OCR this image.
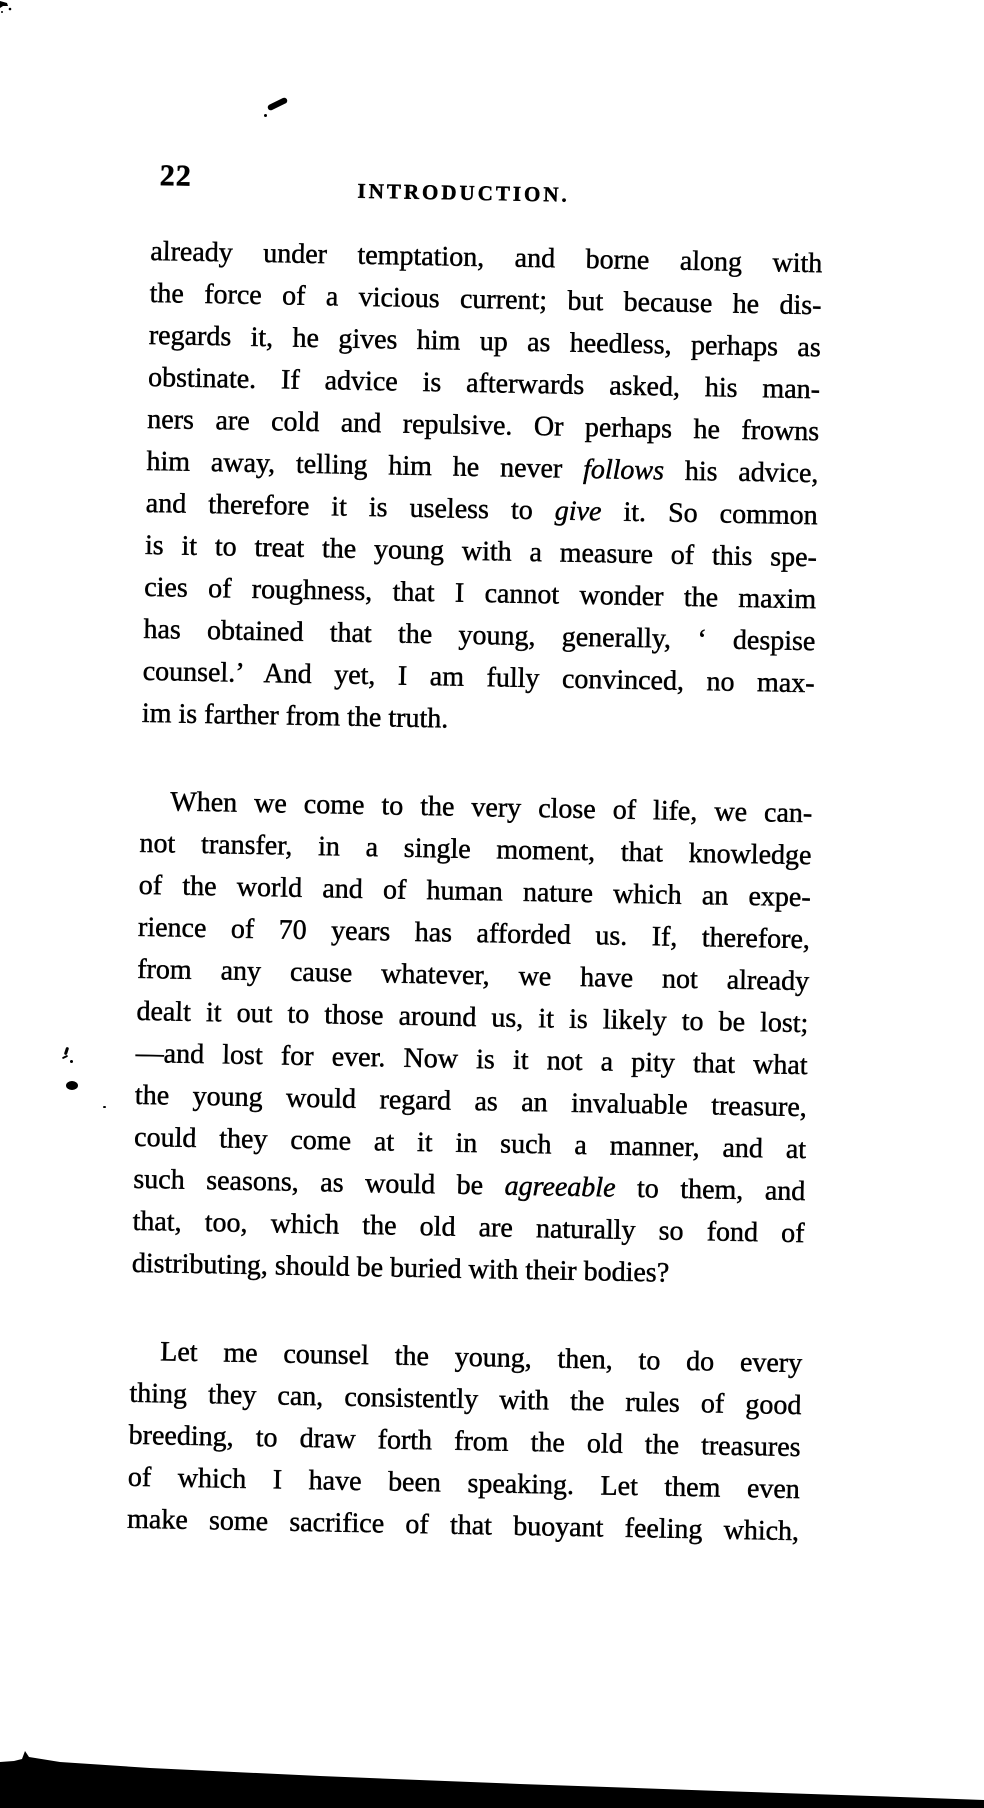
22	INTRODUCTION.
already under temptation, and borne along with
the force of a vicious current; but because he dis-
regards it, he gives him up as heedless, perhaps as
obstinate. If advice is afterwards asked, his man-
ners are cold and repulsive. Or perhaps he frowns
him away, telling him he never follows his advice,
and therefore it is useless to give it. So common
is it to treat the young with a measure of this spe-
cies of roughness, that I cannot wonder the maxim
has obtained that the young, generally, ‘ despise
counsel.’ And yet, I am fully convinced, no max-
im is farther from the truth.
When we come to the very close of life, we can-
not transfer, in a single moment, that knowledge
of the world and of human nature which an expe-
rience of 70 years has afforded us. If, therefore,
from any cause whatever, we have not already
dealt it out to those around us, it is likely to be lost;
—and lost for ever. Now is it not a pity that what
the young would regard as an invaluable treasure,
could they come at it in such a manner, and at
such seasons, as would be agreeable to them, and
that, too, which the old are naturally so fond of
distributing, should be buried with their bodies?
Let me counsel the young, then, to do every
thing they can, consistently with the rules of good
breeding, to draw forth from the old the treasures
of which I have been speaking. Let them even
make some sacrifice of that buoyant feeling which,
